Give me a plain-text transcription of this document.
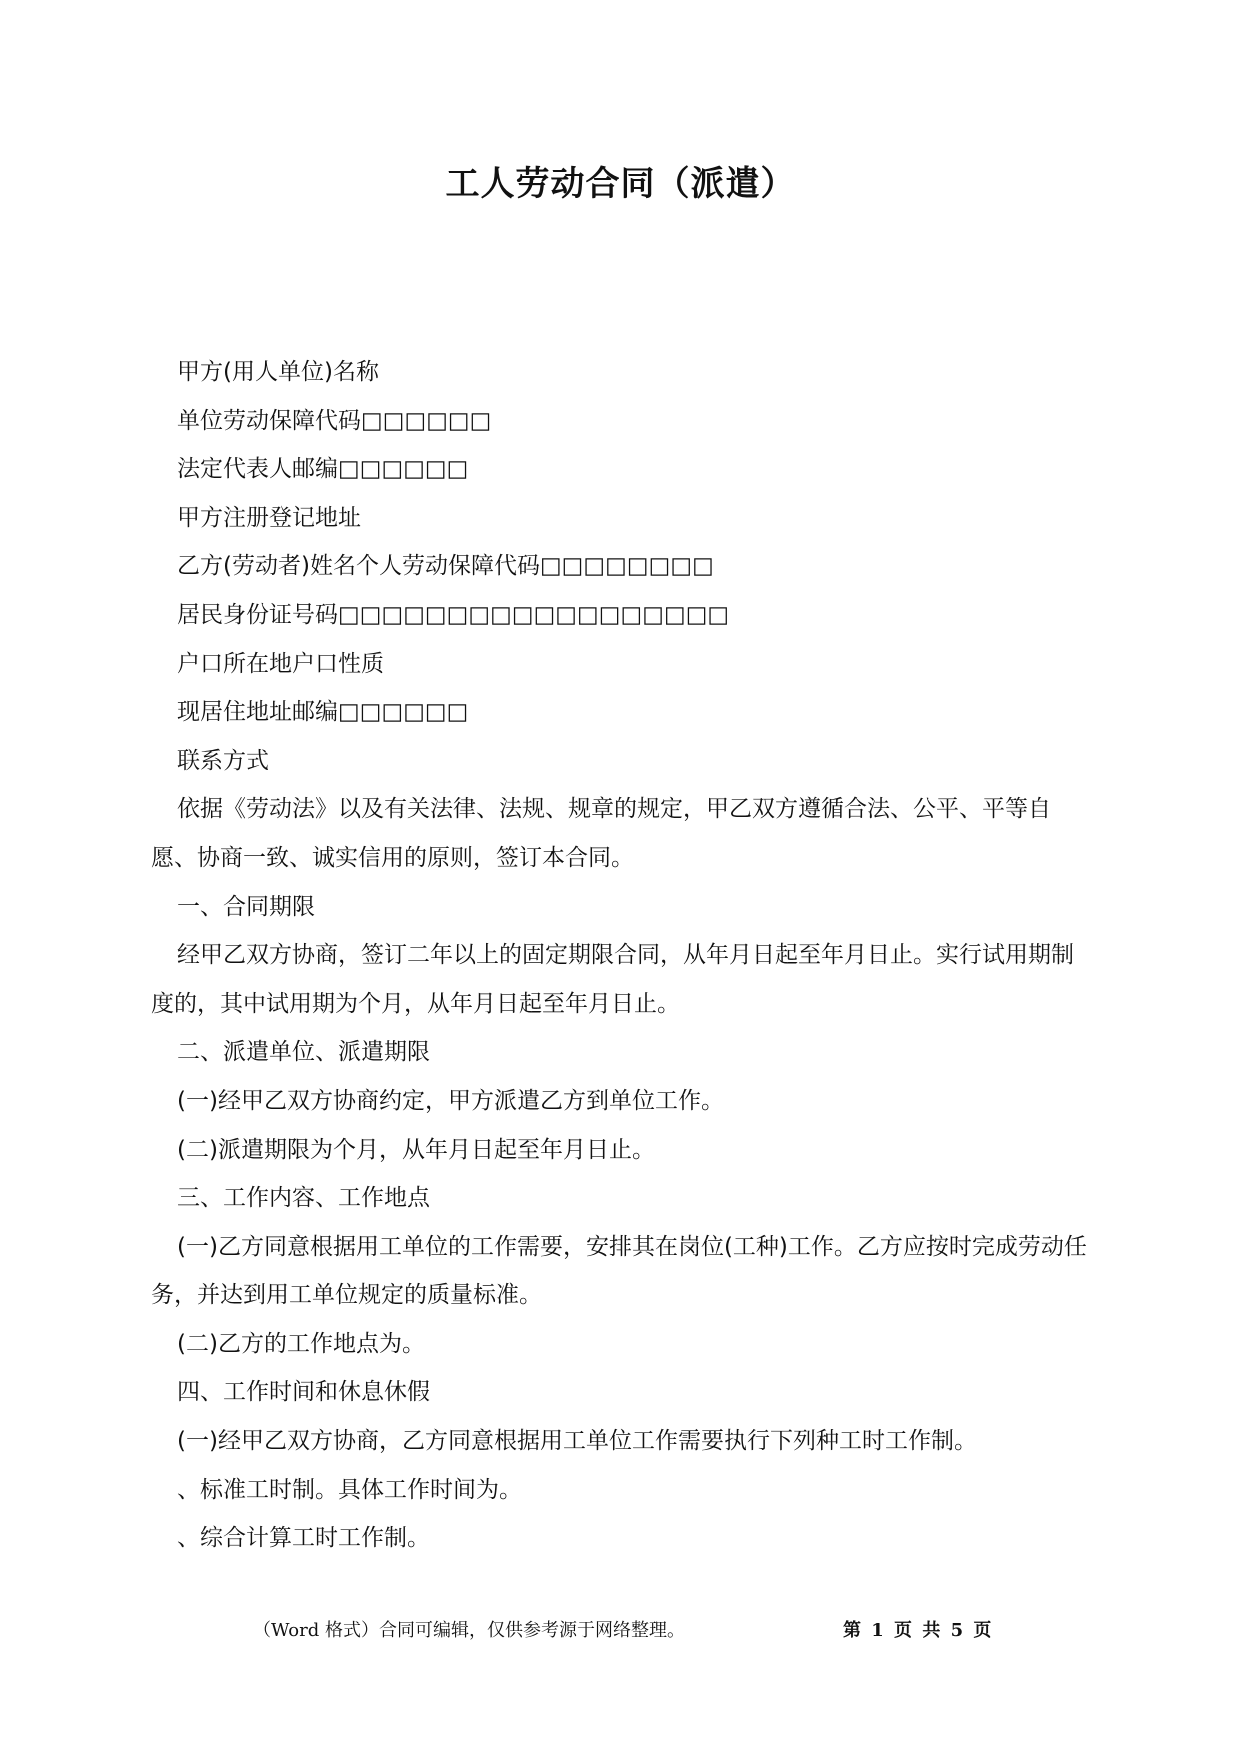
工人劳动合同（派遣）

甲方(用人单位)名称

单位劳动保障代码□□□□□□

法定代表人邮编□□□□□□

甲方注册登记地址

乙方(劳动者)姓名个人劳动保障代码□□□□□□□□

居民身份证号码□□□□□□□□□□□□□□□□□□

户口所在地户口性质

现居住地址邮编□□□□□□

联系方式

依据《劳动法》以及有关法律、法规、规章的规定，甲乙双方遵循合法、公平、平等自愿、协商一致、诚实信用的原则，签订本合同。

一、合同期限

经甲乙双方协商，签订二年以上的固定期限合同，从年月日起至年月日止。实行试用期制度的，其中试用期为个月，从年月日起至年月日止。

二、派遣单位、派遣期限

(一)经甲乙双方协商约定，甲方派遣乙方到单位工作。

(二)派遣期限为个月，从年月日起至年月日止。

三、工作内容、工作地点

(一)乙方同意根据用工单位的工作需要，安排其在岗位(工种)工作。乙方应按时完成劳动任务，并达到用工单位规定的质量标准。

(二)乙方的工作地点为。

四、工作时间和休息休假

(一)经甲乙双方协商，乙方同意根据用工单位工作需要执行下列种工时工作制。

、标准工时制。具体工作时间为。

、综合计算工时工作制。

（Word 格式）合同可编辑，仅供参考源于网络整理。	第 1 页 共 5 页
